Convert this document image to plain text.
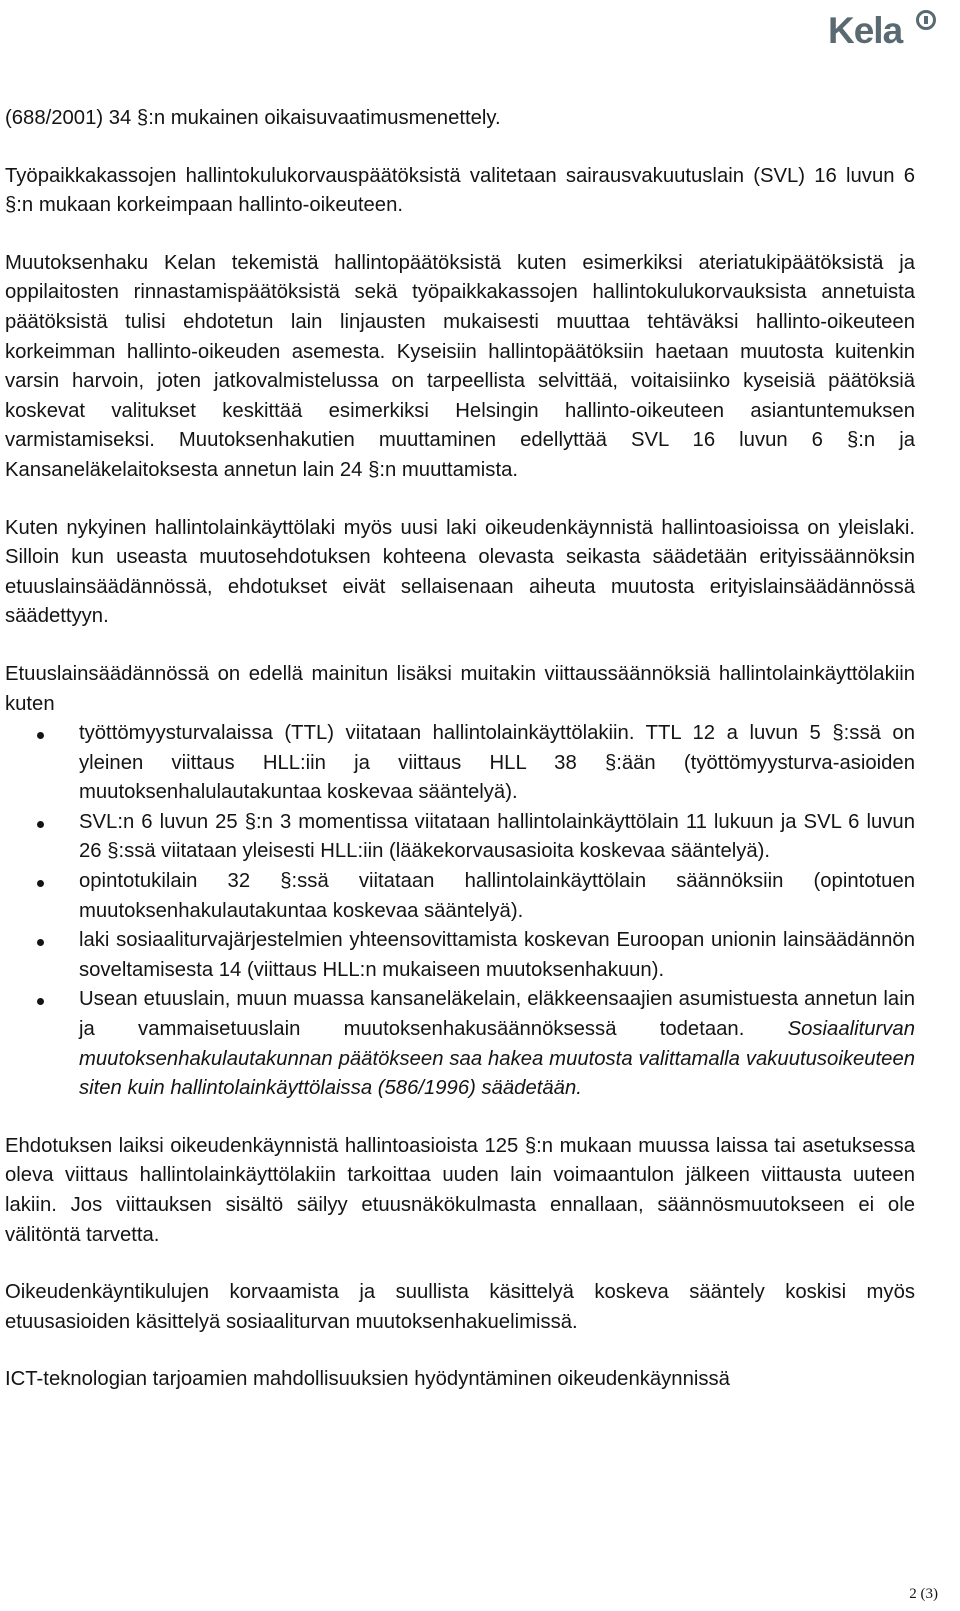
Kela

(688/2001) 34 §:n mukainen oikaisuvaatimusmenettely.

Työpaikkakassojen hallintokulukorvauspäätöksistä valitetaan sairausvakuutuslain (SVL) 16 luvun 6 §:n mukaan korkeimpaan hallinto-oikeuteen.

Muutoksenhaku Kelan tekemistä hallintopäätöksistä kuten esimerkiksi ateriatukipäätöksistä ja oppilaitosten rinnastamispäätöksistä sekä työpaikkakassojen hallintokulukorvauksista annetuista päätöksistä tulisi ehdotetun lain linjausten mukaisesti muuttaa tehtäväksi hallinto-oikeuteen korkeimman hallinto-oikeuden asemesta. Kyseisiin hallintopäätöksiin haetaan muutosta kuitenkin varsin harvoin, joten jatkovalmistelussa on tarpeellista selvittää, voitaisiinko kyseisiä päätöksiä koskevat valitukset keskittää esimerkiksi Helsingin hallinto-oikeuteen asiantuntemuksen varmistamiseksi. Muutoksenhakutien muuttaminen edellyttää SVL 16 luvun 6 §:n ja Kansaneläkelaitoksesta annetun lain 24 §:n muuttamista.

Kuten nykyinen hallintolainkäyttölaki myös uusi laki oikeudenkäynnistä hallintoasioissa on yleislaki. Silloin kun useasta muutosehdotuksen kohteena olevasta seikasta säädetään erityissäännöksin etuuslainsäädännössä, ehdotukset eivät sellaisenaan aiheuta muutosta erityislainsäädännössä säädettyyn.

Etuuslainsäädännössä on edellä mainitun lisäksi muitakin viittaussäännöksiä hallintolainkäyttölakiin kuten

työttömyysturvalaissa (TTL) viitataan hallintolainkäyttölakiin. TTL 12 a luvun 5 §:ssä on yleinen viittaus HLL:iin ja viittaus HLL 38 §:ään (työttömyysturva-asioiden muutoksenhalulautakuntaa koskevaa sääntelyä).
SVL:n 6 luvun 25 §:n 3 momentissa viitataan hallintolainkäyttölain 11 lukuun ja SVL 6 luvun 26 §:ssä viitataan yleisesti HLL:iin (lääkekorvausasioita koskevaa sääntelyä).
opintotukilain 32 §:ssä viitataan hallintolainkäyttölain säännöksiin (opintotuen muutoksenhakulautakuntaa koskevaa sääntelyä).
laki sosiaaliturvajärjestelmien yhteensovittamista koskevan Euroopan unionin lainsäädännön soveltamisesta 14 (viittaus HLL:n mukaiseen muutoksenhakuun).
Usean etuuslain, muun muassa kansaneläkelain, eläkkeensaajien asumistuesta annetun lain ja vammaisetuuslain muutoksenhakusäännöksessä todetaan. Sosiaaliturvan muutoksenhakulautakunnan päätökseen saa hakea muutosta valittamalla vakuutusoikeuteen siten kuin hallintolainkäyttölaissa (586/1996) säädetään.

Ehdotuksen laiksi oikeudenkäynnistä hallintoasioista 125 §:n mukaan muussa laissa tai asetuksessa oleva viittaus hallintolainkäyttölakiin tarkoittaa uuden lain voimaantulon jälkeen viittausta uuteen lakiin. Jos viittauksen sisältö säilyy etuusnäkökulmasta ennallaan, säännösmuutokseen ei ole välitöntä tarvetta.

Oikeudenkäyntikulujen korvaamista ja suullista käsittelyä koskeva sääntely koskisi myös etuusasioiden käsittelyä sosiaaliturvan muutoksenhakuelimissä.

ICT-teknologian tarjoamien mahdollisuuksien hyödyntäminen oikeudenkäynnissä

2 (3)
